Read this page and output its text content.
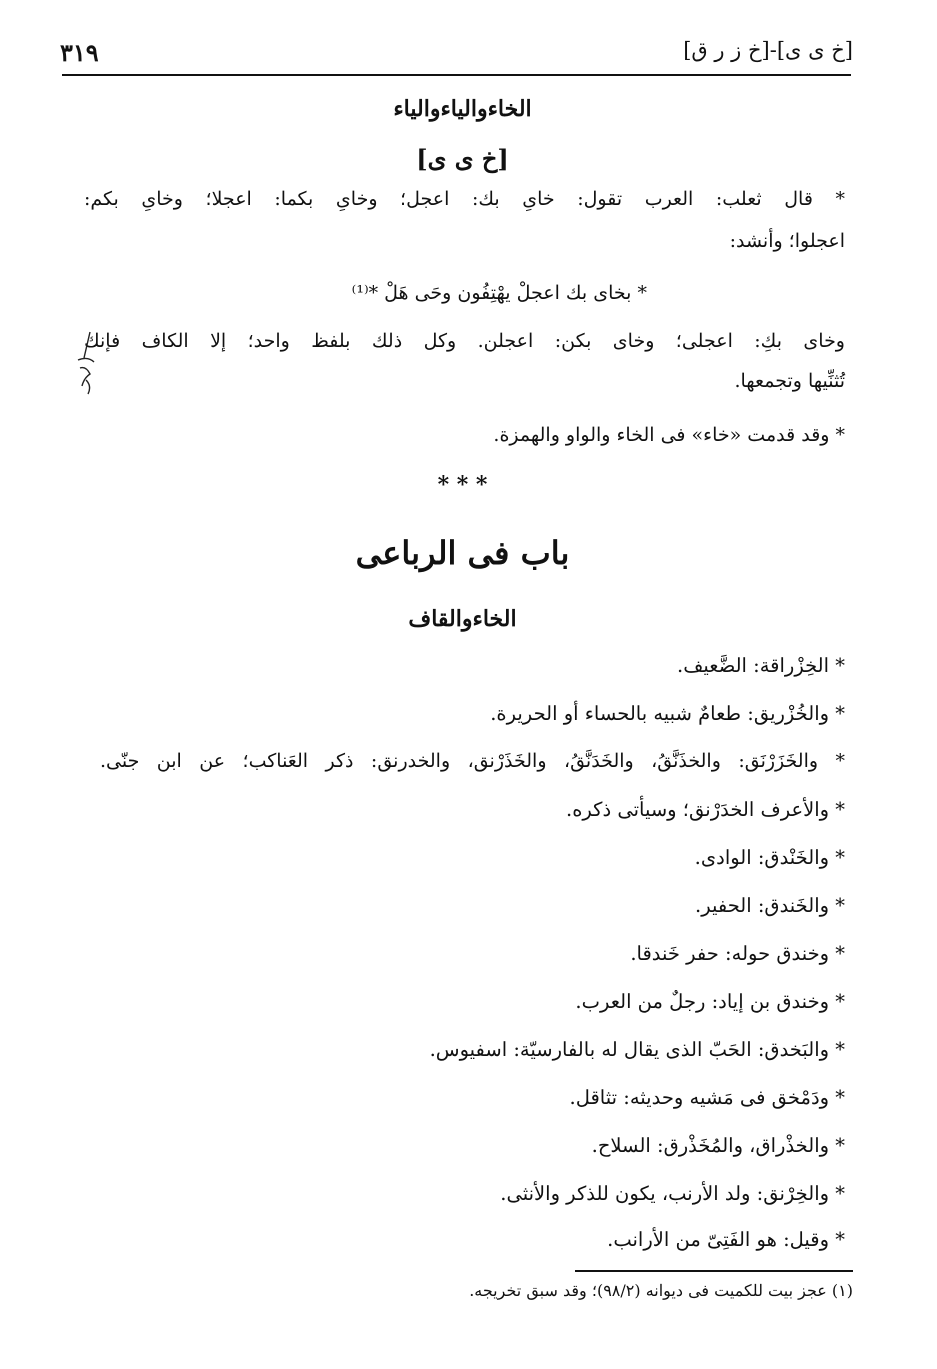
٣١٩	[خ ى ى]-[خ ز ر ق]
الخاءوالياءوالياء
[خ ى ى]
* قال ثعلب: العرب تقول: خاىِ بك: اعجل؛ وخاىِ بكما: اعجلا؛ وخاىِ بكم:
اعجلوا؛ وأنشد:
* بخاى بك اعجلْ يهْتِفُون وحَى هَلْ *⁽¹⁾
وخاى بكِ: اعجلى؛ وخاى بكن: اعجلن. وكل ذلك بلفظ واحد؛ إلا الكاف فإنك
تُثنِّيها وتجمعها.
* وقد قدمت «خاء» فى الخاء والواو والهمزة.
* * *
باب فى الرباعى
الخاءوالقاف
* الخِزْراقة: الضَّعيف.
* والخُزْريق: طعامٌ شبيه بالحساء أو الحريرة.
* والخَزَرْنَق: والخذَنَّقُ، والخَدَنَّقُ، والخَذَرْنق، والخدرنق: ذكر العَناكب؛ عن ابن جنّى.
* والأعرف الخدَرْنق؛ وسيأتى ذكره.
* والخَنْدق: الوادى.
* والخَندق: الحفير.
* وخندق حوله: حفر خَندقا.
* وخندق بن إياد: رجلٌ من العرب.
* والبَخدق: الحَبّ الذى يقال له بالفارسيّة: اسفيوس.
* ودَمْخق فى مَشيه وحديثه: تثاقل.
* والخذْراق، والمُخَذْرق: السلاح.
* والخِرْنق: ولد الأرنب، يكون للذكر والأنثى.
* وقيل: هو الفَتِىّ من الأرانب.
(١) عجز بيت للكميت فى ديوانه (٩٨/٢)؛ وقد سبق تخريجه.
